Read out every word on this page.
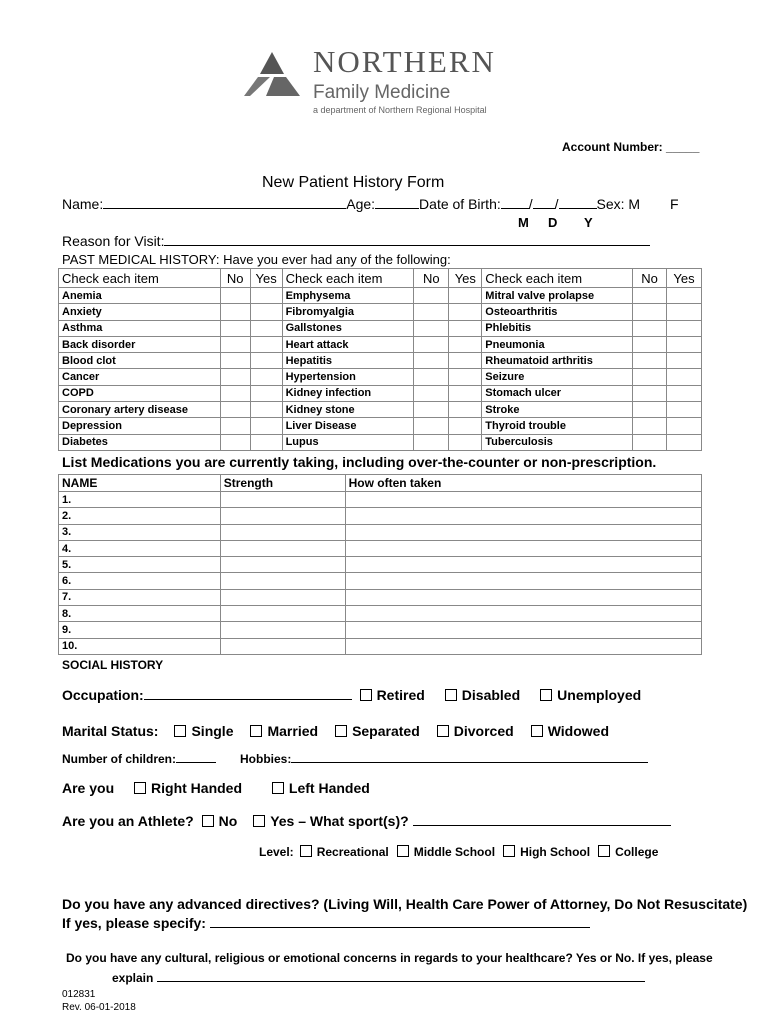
NORTHERN
Family Medicine
a department of Northern Regional Hospital
Account Number: _____
New Patient History Form
Name:	Age:	Date of Birth: / /	Sex: M F
M D Y
Reason for Visit:
PAST MEDICAL HISTORY: Have you ever had any of the following:
Check each item	No	Yes	Check each item	No	Yes	Check each item	No	Yes
Anemia			Emphysema			Mitral valve prolapse		
Anxiety			Fibromyalgia			Osteoarthritis		
Asthma			Gallstones			Phlebitis		
Back disorder			Heart attack			Pneumonia		
Blood clot			Hepatitis			Rheumatoid arthritis		
Cancer			Hypertension			Seizure		
COPD			Kidney infection			Stomach ulcer		
Coronary artery disease			Kidney stone			Stroke		
Depression			Liver Disease			Thyroid trouble		
Diabetes			Lupus			Tuberculosis		
List Medications you are currently taking, including over-the-counter or non-prescription.
NAME	Strength	How often taken
1.		
2.		
3.		
4.		
5.		
6.		
7.		
8.		
9.		
10.		
SOCIAL HISTORY
Occupation:	Retired	Disabled	Unemployed
Marital Status: Single Married Separated Divorced Widowed
Number of children:	Hobbies:
Are you	Right Handed	Left Handed
Are you an Athlete? No Yes – What sport(s)?
Level: Recreational Middle School High School College
Do you have any advanced directives? (Living Will, Health Care Power of Attorney, Do Not Resuscitate)
If yes, please specify:
Do you have any cultural, religious or emotional concerns in regards to your healthcare? Yes or No. If yes, please
explain
012831
Rev. 06-01-2018
